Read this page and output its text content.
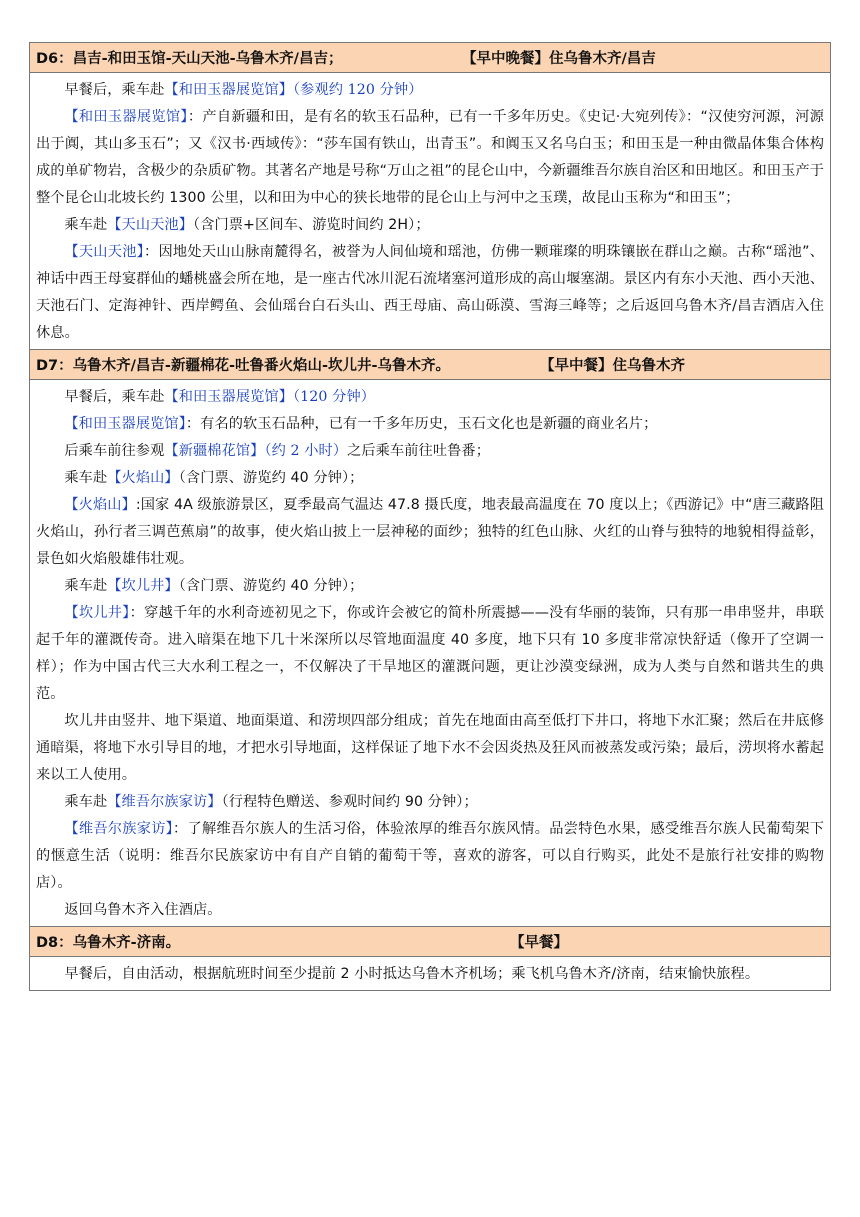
D6：昌吉-和田玉馆-天山天池-乌鲁木齐/昌吉；	【早中晚餐】住乌鲁木齐/昌吉

早餐后，乘车赴【和田玉器展览馆】（参观约 120 分钟）

【和田玉器展览馆】：产自新疆和田，是有名的软玉石品种，已有一千多年历史。《史记·大宛列传》：“汉使穷河源，河源出于阗，其山多玉石”；又《汉书·西域传》：“莎车国有铁山，出青玉”。和阗玉又名乌白玉；和田玉是一种由微晶体集合体构成的单矿物岩，含极少的杂质矿物。其著名产地是号称“万山之祖”的昆仑山中，今新疆维吾尔族自治区和田地区。和田玉产于整个昆仑山北坡长约 1300 公里，以和田为中心的狭长地带的昆仑山上与河中之玉璞，故昆山玉称为“和田玉”；

乘车赴【天山天池】（含门票+区间车、游览时间约 2H）；

【天山天池】：因地处天山山脉南麓得名，被誉为人间仙境和瑶池，仿佛一颗璀璨的明珠镶嵌在群山之巅。古称“瑶池”、神话中西王母宴群仙的蟠桃盛会所在地，是一座古代冰川泥石流堵塞河道形成的高山堰塞湖。景区内有东小天池、西小天池、天池石门、定海神针、西岸鳄鱼、会仙瑶台白石头山、西王母庙、高山砾漠、雪海三峰等；之后返回乌鲁木齐/昌吉酒店入住休息。

D7：乌鲁木齐/昌吉-新疆棉花-吐鲁番火焰山-坎儿井-乌鲁木齐。	【早中餐】住乌鲁木齐

早餐后，乘车赴【和田玉器展览馆】（120 分钟）

【和田玉器展览馆】：有名的软玉石品种，已有一千多年历史，玉石文化也是新疆的商业名片；

后乘车前往参观【新疆棉花馆】（约 2 小时）之后乘车前往吐鲁番；

乘车赴【火焰山】（含门票、游览约 40 分钟）；

【火焰山】:国家 4A 级旅游景区，夏季最高气温达 47.8 摄氏度，地表最高温度在 70 度以上；《西游记》中“唐三藏路阻火焰山，孙行者三调芭蕉扇”的故事，使火焰山披上一层神秘的面纱；独特的红色山脉、火红的山脊与独特的地貌相得益彰，景色如火焰般雄伟壮观。

乘车赴【坎儿井】（含门票、游览约 40 分钟）；

【坎儿井】：穿越千年的水利奇迹初见之下，你或许会被它的简朴所震撼——没有华丽的装饰，只有那一串串竖井，串联起千年的灌溉传奇。进入暗渠在地下几十米深所以尽管地面温度 40 多度，地下只有 10 多度非常凉快舒适（像开了空调一样）；作为中国古代三大水利工程之一，不仅解决了干旱地区的灌溉问题，更让沙漠变绿洲，成为人类与自然和谐共生的典范。

坎儿井由竖井、地下渠道、地面渠道、和涝坝四部分组成；首先在地面由高至低打下井口，将地下水汇聚；然后在井底修通暗渠，将地下水引导目的地，才把水引导地面，这样保证了地下水不会因炎热及狂风而被蒸发或污染；最后，涝坝将水蓄起来以工人使用。

乘车赴【维吾尔族家访】（行程特色赠送、参观时间约 90 分钟）；

【维吾尔族家访】：了解维吾尔族人的生活习俗，体验浓厚的维吾尔族风情。品尝特色水果，感受维吾尔族人民葡萄架下的惬意生活（说明：维吾尔民族家访中有自产自销的葡萄干等，喜欢的游客，可以自行购买，此处不是旅行社安排的购物店）。

返回乌鲁木齐入住酒店。

D8：乌鲁木齐-济南。	【早餐】

早餐后，自由活动，根据航班时间至少提前 2 小时抵达乌鲁木齐机场；乘飞机乌鲁木齐/济南，结束愉快旅程。
